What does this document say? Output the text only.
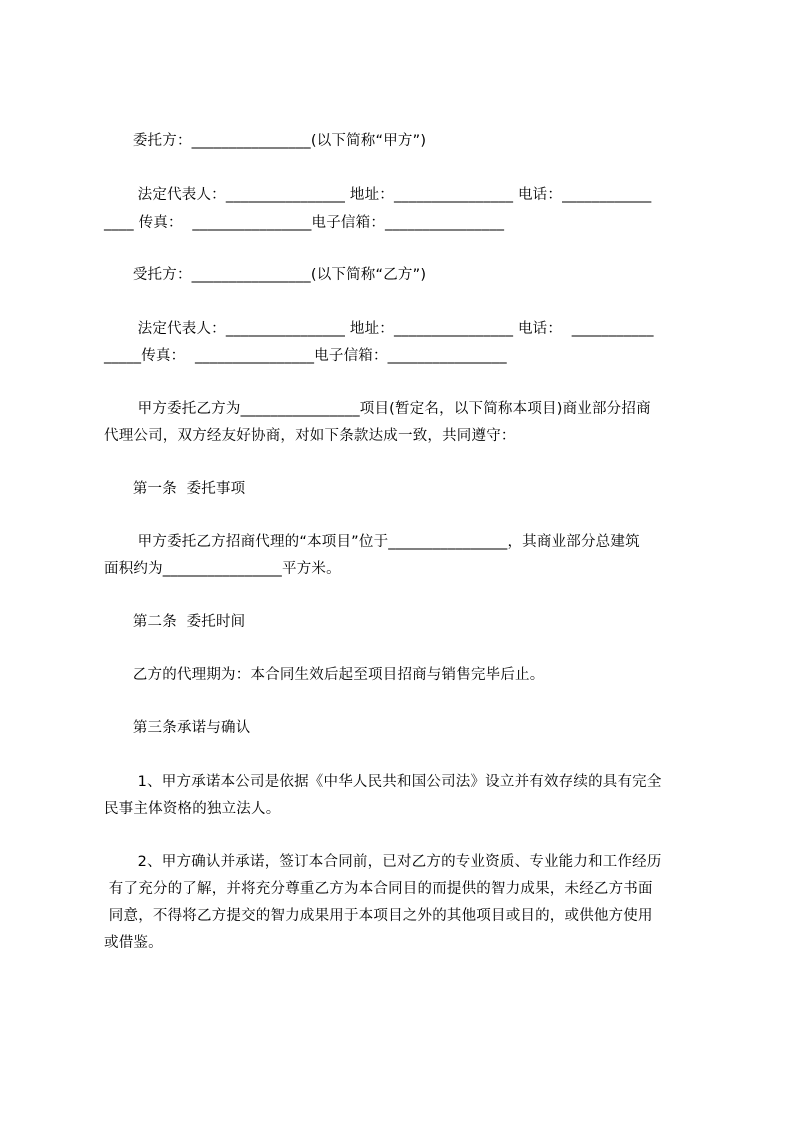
委托方：________________(以下简称“甲方”)
法定代表人：________________ 地址：________________ 电话：____________
____ 传真：  ________________电子信箱：________________
受托方：________________(以下简称“乙方”)
法定代表人：________________ 地址：________________ 电话：  ___________
_____传真：  ________________电子信箱：________________
甲方委托乙方为________________项目(暂定名，以下简称本项目)商业部分招商
代理公司，双方经友好协商，对如下条款达成一致，共同遵守：
第一条  委托事项
甲方委托乙方招商代理的“本项目”位于________________，其商业部分总建筑
面积约为________________平方米。
第二条  委托时间
乙方的代理期为：本合同生效后起至项目招商与销售完毕后止。
第三条承诺与确认
1、甲方承诺本公司是依据《中华人民共和国公司法》设立并有效存续的具有完全
民事主体资格的独立法人。
2、甲方确认并承诺，签订本合同前，已对乙方的专业资质、专业能力和工作经历
有了充分的了解，并将充分尊重乙方为本合同目的而提供的智力成果，未经乙方书面
同意，不得将乙方提交的智力成果用于本项目之外的其他项目或目的，或供他方使用
或借鉴。
